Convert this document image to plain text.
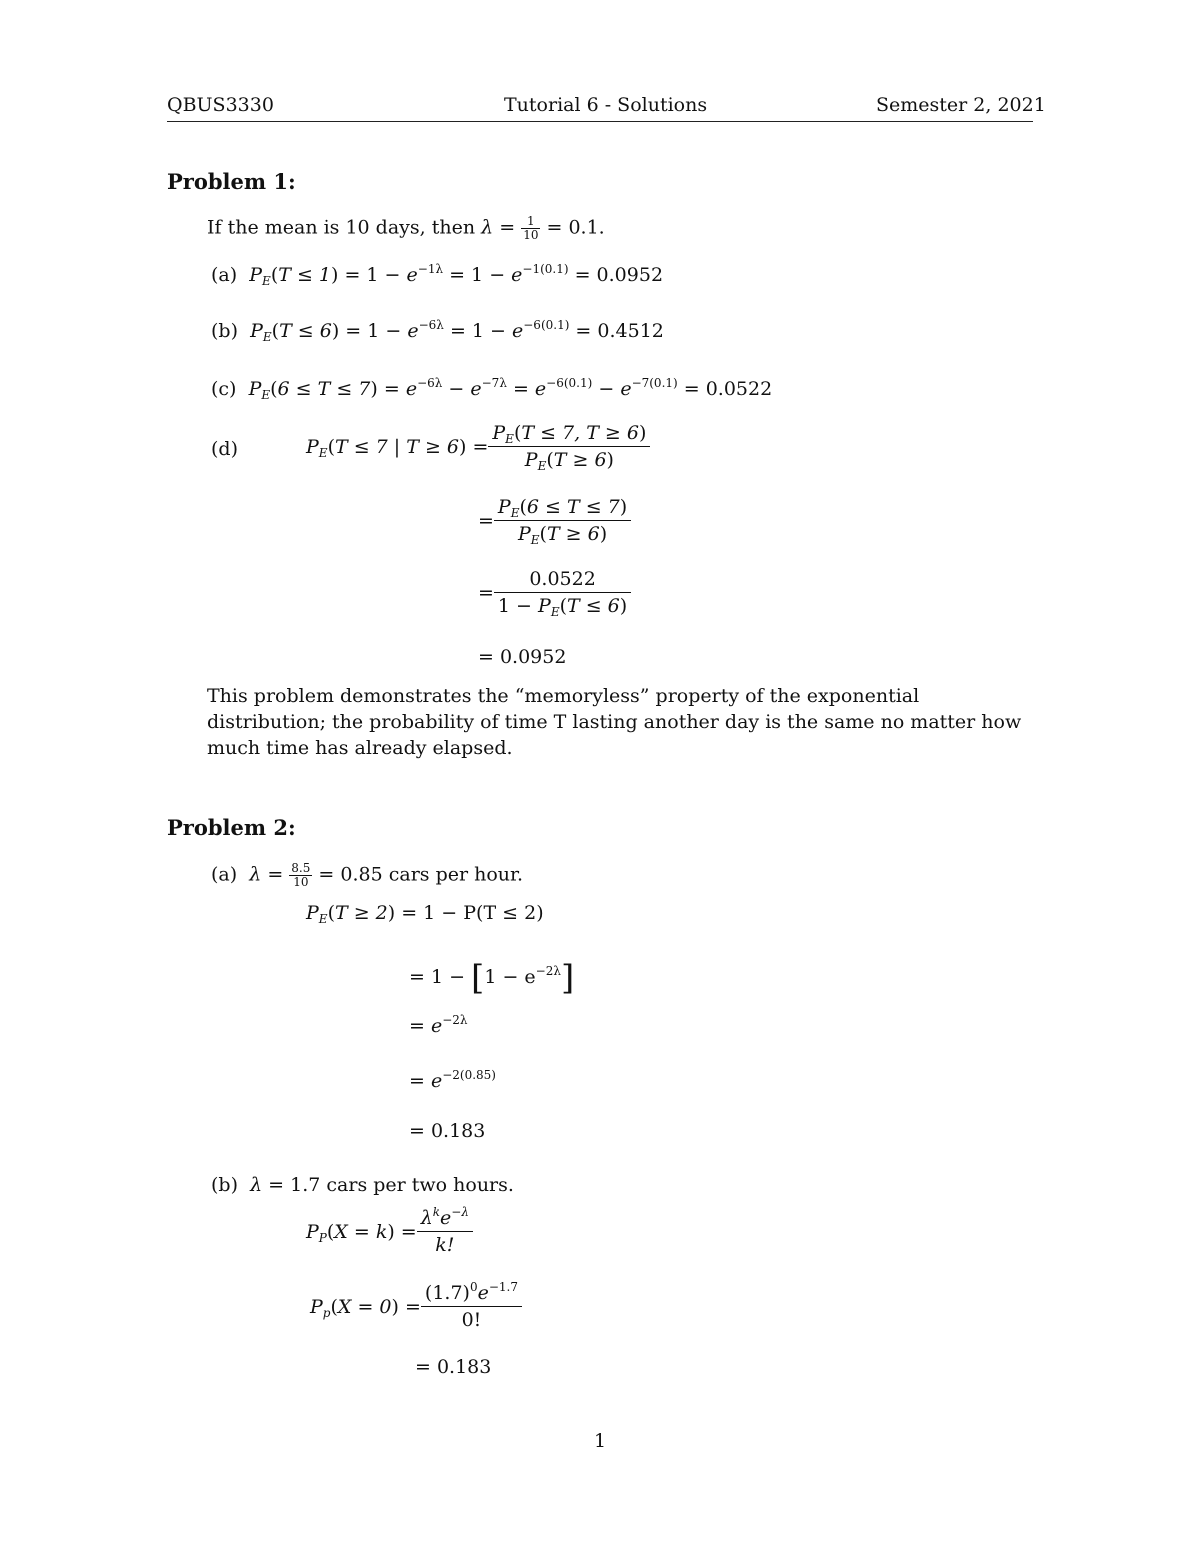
QBUS3330	Tutorial 6 - Solutions	Semester 2, 2021
Problem 1:
If the mean is 10 days, then $\lambda = \frac{1}{10} = 0.1$.
(a) $P_E(T \le 1) = 1 - e^{-1\lambda} = 1 - e^{-1(0.1)} = 0.0952$
(b) $P_E(T \le 6) = 1 - e^{-6\lambda} = 1 - e^{-6(0.1)} = 0.4512$
(c) $P_E(6 \le T \le 7) = e^{-6\lambda} - e^{-7\lambda} = e^{-6(0.1)} - e^{-7(0.1)} = 0.0522$
(d)	$P_E(T \le 7$ | $T \ge 6) = \frac{P_E(T \le 7, T \ge 6)}{P_E(T \ge 6)}$
= $\frac{P_E(6 \le T \le 7)}{P_E(T \ge 6)}$
= $\frac{0.0522}{1 - P_E(T \le 6)}$
= 0.0952
This problem demonstrates the “memoryless” property of the exponential distribution; the probability of time T lasting another day is the same no matter how much time has already elapsed.
Problem 2:
(a) $\lambda = \frac{8.5}{10} = 0.85$ cars per hour.
$P_E(T \ge 2) = 1 - P(T \le 2)$
= $1 - [1 - e^{-2\lambda}]$
= $e^{-2\lambda}$
= $e^{-2(0.85)}$
= 0.183
(b) λ = 1.7 cars per two hours.
$P_P(X = k) = \frac{\lambda^ke^{-\lambda}}{k!}$
$P_p(X = 0) = \frac{(1.7)^0e^{-1.7}}{0!}$
= 0.183
1
